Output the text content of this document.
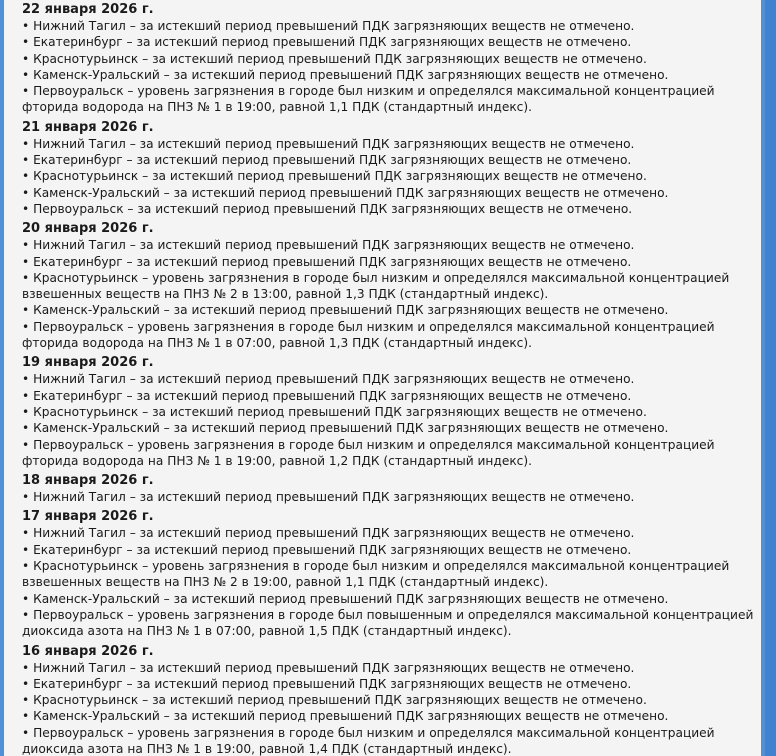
22 января 2026 г.
• Нижний Тагил – за истекший период превышений ПДК загрязняющих веществ не отмечено.
• Екатеринбург – за истекший период превышений ПДК загрязняющих веществ не отмечено.
• Краснотурьинск – за истекший период превышений ПДК загрязняющих веществ не отмечено.
• Каменск-Уральский – за истекший период превышений ПДК загрязняющих веществ не отмечено.
• Первоуральск – уровень загрязнения в городе был низким и определялся максимальной концентрацией фторида водорода на ПНЗ № 1 в 19:00, равной 1,1 ПДК (стандартный индекс).
21 января 2026 г.
• Нижний Тагил – за истекший период превышений ПДК загрязняющих веществ не отмечено.
• Екатеринбург – за истекший период превышений ПДК загрязняющих веществ не отмечено.
• Краснотурьинск – за истекший период превышений ПДК загрязняющих веществ не отмечено.
• Каменск-Уральский – за истекший период превышений ПДК загрязняющих веществ не отмечено.
• Первоуральск – за истекший период превышений ПДК загрязняющих веществ не отмечено.
20 января 2026 г.
• Нижний Тагил – за истекший период превышений ПДК загрязняющих веществ не отмечено.
• Екатеринбург – за истекший период превышений ПДК загрязняющих веществ не отмечено.
• Краснотурьинск – уровень загрязнения в городе был низким и определялся максимальной концентрацией взвешенных веществ на ПНЗ № 2 в 13:00, равной 1,3 ПДК (стандартный индекс).
• Каменск-Уральский – за истекший период превышений ПДК загрязняющих веществ не отмечено.
• Первоуральск – уровень загрязнения в городе был низким и определялся максимальной концентрацией фторида водорода на ПНЗ № 1 в 07:00, равной 1,3 ПДК (стандартный индекс).
19 января 2026 г.
• Нижний Тагил – за истекший период превышений ПДК загрязняющих веществ не отмечено.
• Екатеринбург – за истекший период превышений ПДК загрязняющих веществ не отмечено.
• Краснотурьинск – за истекший период превышений ПДК загрязняющих веществ не отмечено.
• Каменск-Уральский – за истекший период превышений ПДК загрязняющих веществ не отмечено.
• Первоуральск – уровень загрязнения в городе был низким и определялся максимальной концентрацией фторида водорода на ПНЗ № 1 в 19:00, равной 1,2 ПДК (стандартный индекс).
18 января 2026 г.
• Нижний Тагил – за истекший период превышений ПДК загрязняющих веществ не отмечено.
17 января 2026 г.
• Нижний Тагил – за истекший период превышений ПДК загрязняющих веществ не отмечено.
• Екатеринбург – за истекший период превышений ПДК загрязняющих веществ не отмечено.
• Краснотурьинск – уровень загрязнения в городе был низким и определялся максимальной концентрацией взвешенных веществ на ПНЗ № 2 в 19:00, равной 1,1 ПДК (стандартный индекс).
• Каменск-Уральский – за истекший период превышений ПДК загрязняющих веществ не отмечено.
• Первоуральск – уровень загрязнения в городе был повышенным и определялся максимальной концентрацией диоксида азота на ПНЗ № 1 в 07:00, равной 1,5 ПДК (стандартный индекс).
16 января 2026 г.
• Нижний Тагил – за истекший период превышений ПДК загрязняющих веществ не отмечено.
• Екатеринбург – за истекший период превышений ПДК загрязняющих веществ не отмечено.
• Краснотурьинск – за истекший период превышений ПДК загрязняющих веществ не отмечено.
• Каменск-Уральский – за истекший период превышений ПДК загрязняющих веществ не отмечено.
• Первоуральск – уровень загрязнения в городе был низким и определялся максимальной концентрацией диоксида азота на ПНЗ № 1 в 19:00, равной 1,4 ПДК (стандартный индекс).
